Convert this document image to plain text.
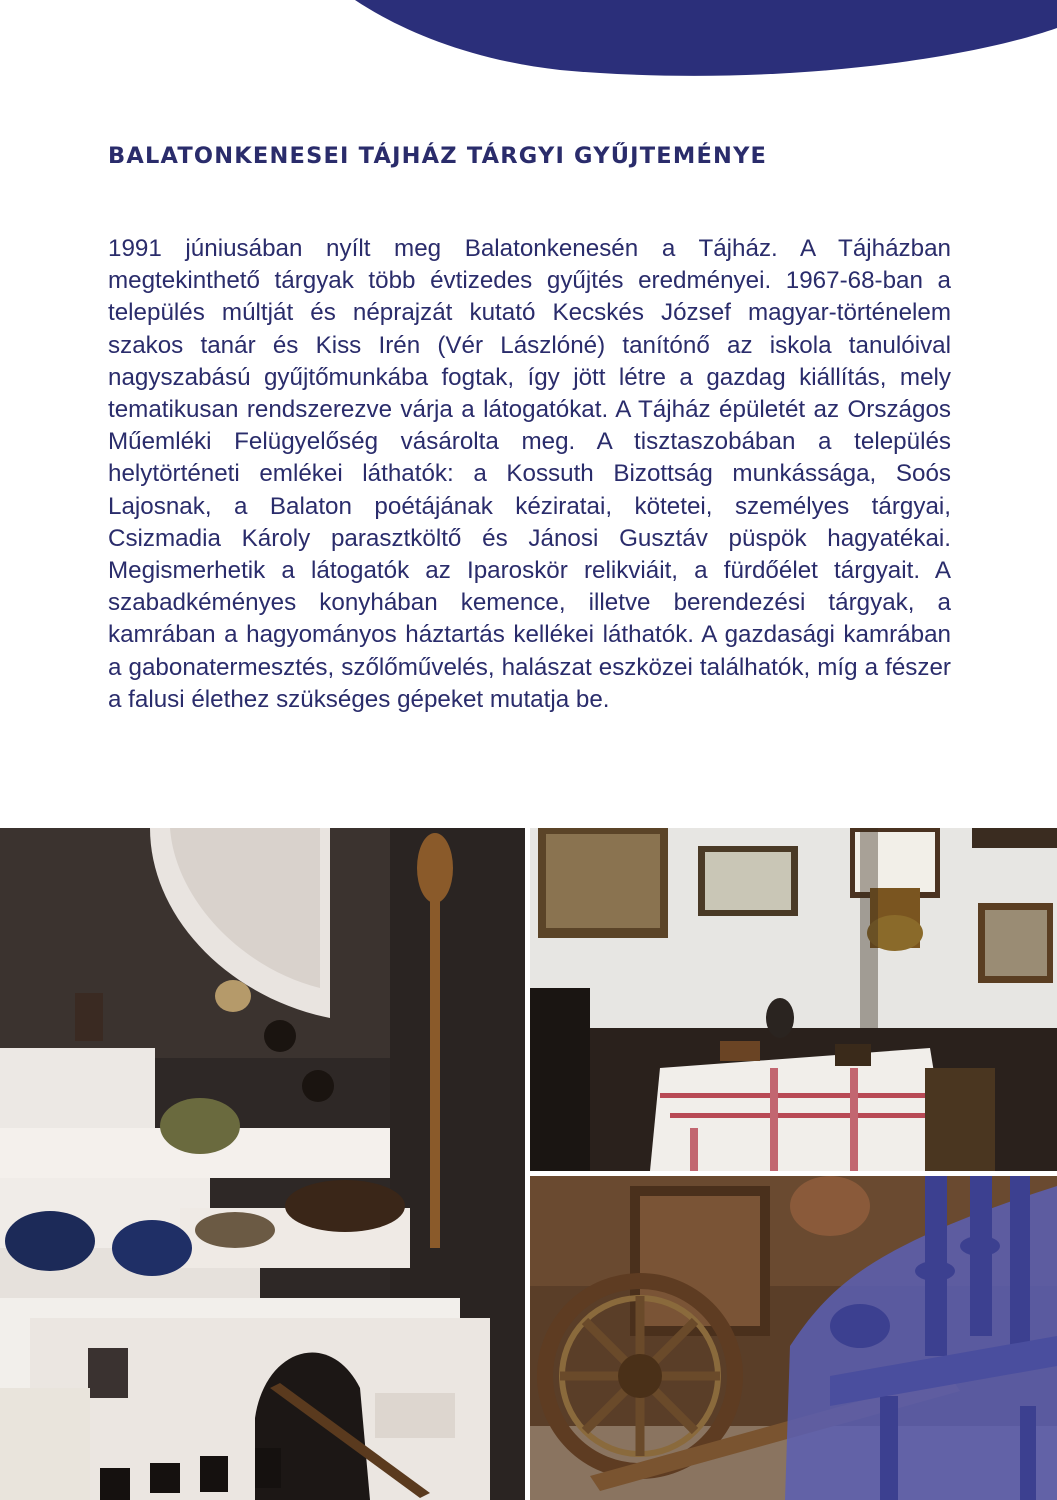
BALATONKENESEI TÁJHÁZ TÁRGYI GYŰJTEMÉNYE

1991 júniusában nyílt meg Balatonkenesén a Tájház. A Tájházban megtekinthető tárgyak több évtizedes gyűjtés eredményei. 1967-68-ban a település múltját és néprajzát kutató Kecskés József magyar-történelem szakos tanár és Kiss Irén (Vér Lászlóné) tanítónő az iskola tanulóival nagyszabású gyűjtőmunkába fogtak, így jött létre a gazdag kiállítás, mely tematikusan rendszerezve várja a látogatókat. A Tájház épületét az Országos Műemléki Felügyelőség vásárolta meg. A tisztaszobában a település helytörténeti emlékei láthatók: a Kossuth Bizottság munkássága, Soós Lajosnak, a Balaton poétájának kéziratai, kötetei, személyes tárgyai, Csizmadia Károly parasztköltő és Jánosi Gusztáv püspök hagyatékai. Megismerhetik a látogatók az Iparoskör relikviáit, a fürdőélet tárgyait. A szabadkéményes konyhában kemence, illetve berendezési tárgyak, a kamrában a hagyományos háztartás kellékei láthatók. A gazdasági kamrában a gabonatermesztés, szőlőművelés, halászat eszközei találhatók, míg a fészer a falusi élethez szükséges gépeket mutatja be.
